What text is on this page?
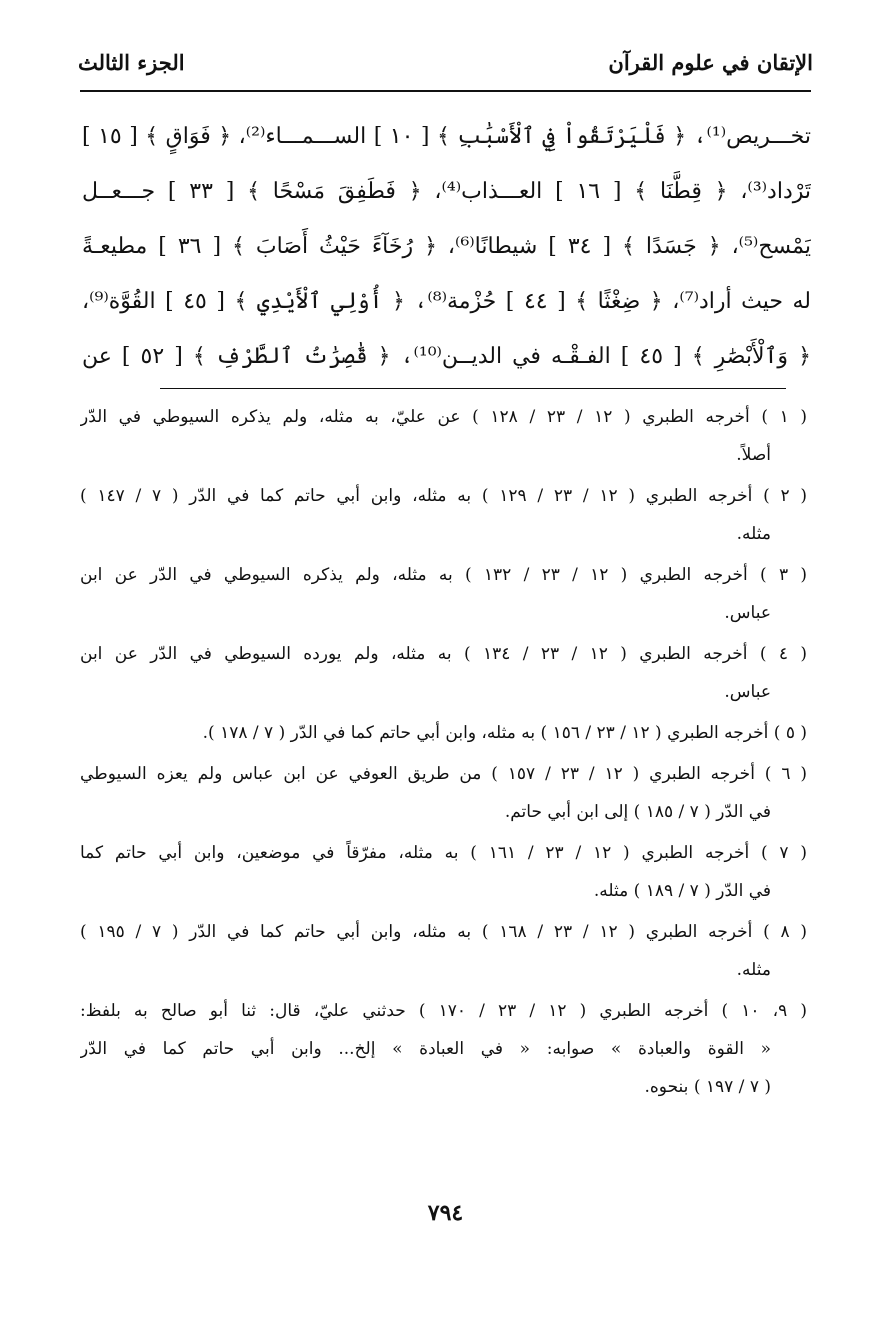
الإتقان في علوم القرآن
الجزء الثالث
تخـــريص⁽¹⁾، ﴿ فَلْيَرْتَقُواْ فِي ٱلْأَسْبَٰبِ ﴾ [ ١٠ ] الســـمـــاء⁽²⁾، ﴿ فَوَاقٍ ﴾ [ ١٥ ]
تَرْداد⁽³⁾، ﴿ قِطَّنَا ﴾ [ ١٦ ] العـــذاب⁽⁴⁾، ﴿ فَطَفِقَ مَسْحًا ﴾ [ ٣٣ ] جـــعــل
يَمْسح⁽⁵⁾، ﴿ جَسَدًا ﴾ [ ٣٤ ] شيطانًا⁽⁶⁾، ﴿ رُخَآءً حَيْثُ أَصَابَ ﴾ [ ٣٦ ] مطيعـةً
له حيث أراد⁽⁷⁾، ﴿ ضِغْثًا ﴾ [ ٤٤ ] حُزْمة⁽⁸⁾، ﴿ أُوْلِي ٱلْأَيْدِي ﴾ [ ٤٥ ] القُوَّة⁽⁹⁾،
﴿ وَٱلْأَبْصَٰرِ ﴾ [ ٤٥ ] الفـقْـه في الديــن⁽¹⁰⁾، ﴿ قَٰصِرَٰتُ ٱلطَّرْفِ ﴾ [ ٥٢ ] عن
( ١ ) أخرجه الطبري ( ١٢ / ٢٣ / ١٢٨ ) عن عليّ، به مثله، ولم يذكره السيوطي في الدّر
أصلاً.
( ٢ ) أخرجه الطبري ( ١٢ / ٢٣ / ١٢٩ ) به مثله، وابن أبي حاتم كما في الدّر ( ٧ / ١٤٧ )
مثله.
( ٣ ) أخرجه الطبري ( ١٢ / ٢٣ / ١٣٢ ) به مثله، ولم يذكره السيوطي في الدّر عن ابن
عباس.
( ٤ ) أخرجه الطبري ( ١٢ / ٢٣ / ١٣٤ ) به مثله، ولم يورده السيوطي في الدّر عن ابن
عباس.
( ٥ ) أخرجه الطبري ( ١٢ / ٢٣ / ١٥٦ ) به مثله، وابن أبي حاتم كما في الدّر ( ٧ / ١٧٨ ).
( ٦ ) أخرجه الطبري ( ١٢ / ٢٣ / ١٥٧ ) من طريق العوفي عن ابن عباس ولم يعزه السيوطي
في الدّر ( ٧ / ١٨٥ ) إلى ابن أبي حاتم.
( ٧ ) أخرجه الطبري ( ١٢ / ٢٣ / ١٦١ ) به مثله، مفرّقاً في موضعين، وابن أبي حاتم كما
في الدّر ( ٧ / ١٨٩ ) مثله.
( ٨ ) أخرجه الطبري ( ١٢ / ٢٣ / ١٦٨ ) به مثله، وابن أبي حاتم كما في الدّر ( ٧ / ١٩٥ )
مثله.
( ٩، ١٠ ) أخرجه الطبري ( ١٢ / ٢٣ / ١٧٠ ) حدثني عليّ، قال: ثنا أبو صالح به بلفظ:
« القوة والعبادة » صوابه: « في العبادة » إلخ... وابن أبي حاتم كما في الدّر
( ٧ / ١٩٧ ) بنحوه.
٧٩٤
